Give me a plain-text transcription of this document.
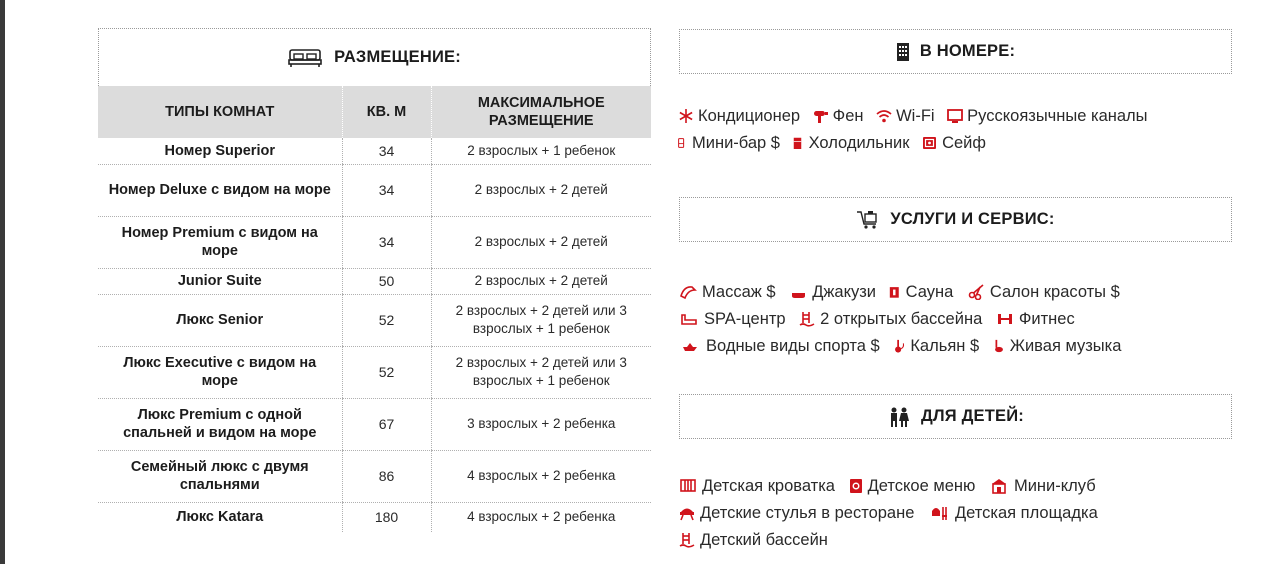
РАЗМЕЩЕНИЕ:
ТИПЫ КОМНАТ	КВ. М	МАКСИМАЛЬНОЕ РАЗМЕЩЕНИЕ
Номер Superior	34	2 взрослых + 1 ребенок
Номер Deluxe с видом на море	34	2 взрослых + 2 детей
Номер Premium с видом на море	34	2 взрослых + 2 детей
Junior Suite	50	2 взрослых + 2 детей
Люкс Senior	52	2 взрослых + 2 детей или 3 взрослых + 1 ребенок
Люкс Executive с видом на море	52	2 взрослых + 2 детей или 3 взрослых + 1 ребенок
Люкс Premium с одной спальней и видом на море	67	3 взрослых + 2 ребенка
Семейный люкс с двумя спальнями	86	4 взрослых + 2 ребенка
Люкс Katara	180	4 взрослых + 2 ребенка
В НОМЕРЕ:
Кондиционер
Фен
Wi-Fi
Русскоязычные каналы
Мини-бар $
Холодильник
Сейф
УСЛУГИ И СЕРВИС:
Массаж $
Джакузи
Сауна
Салон красоты $
SPA-центр
2 открытых бассейна
Фитнес
Водные виды спорта $
Кальян $
Живая музыка
ДЛЯ ДЕТЕЙ:
Детская кроватка
Детское меню
Мини-клуб
Детские стулья в ресторане
Детская площадка
Детский бассейн
